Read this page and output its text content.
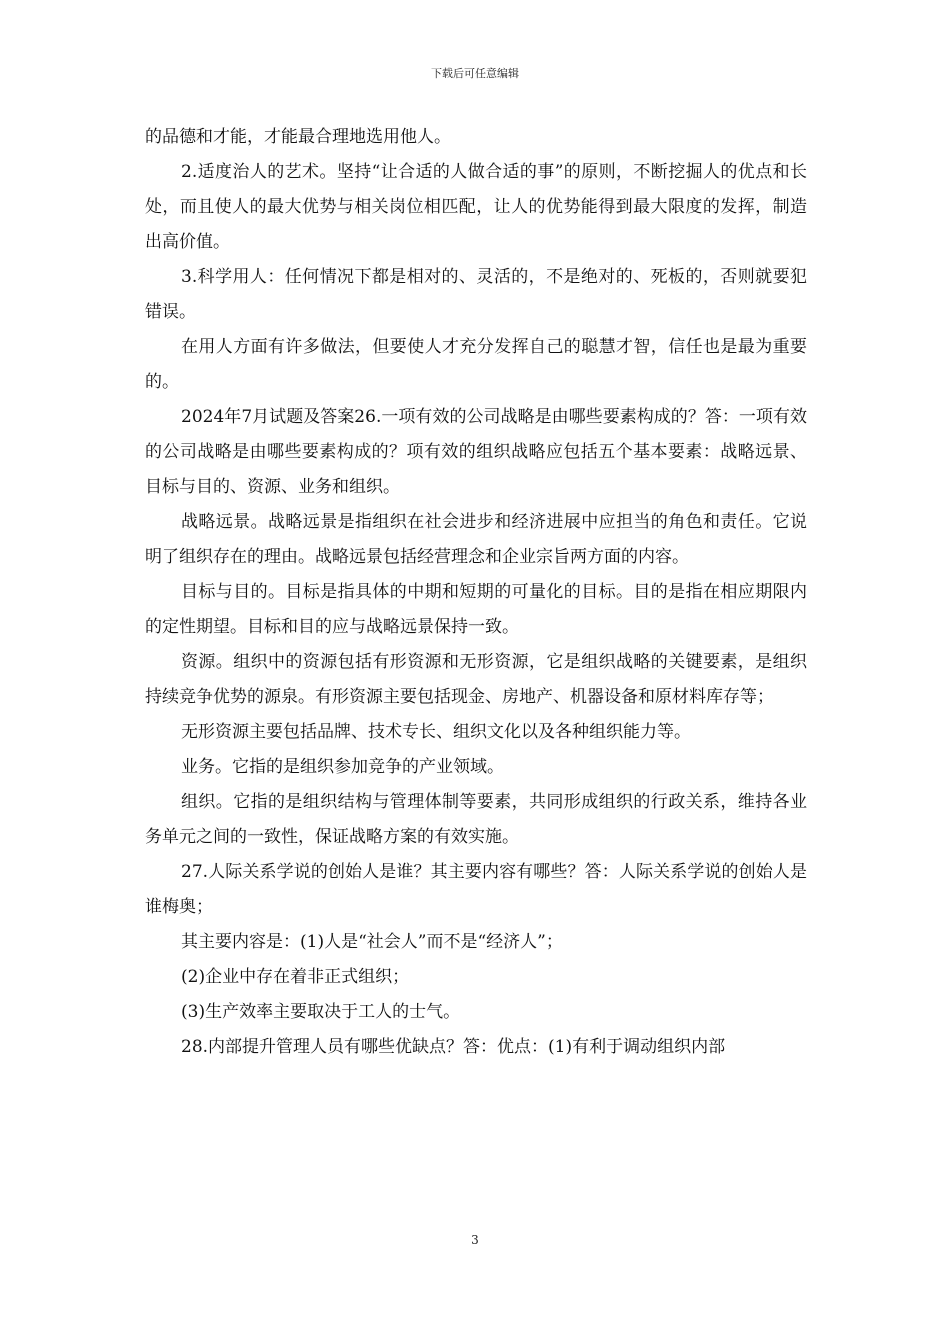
下载后可任意编辑

的品德和才能，才能最合理地选用他人。

2.适度治人的艺术。坚持“让合适的人做合适的事”的原则，不断挖掘人的优点和长处，而且使人的最大优势与相关岗位相匹配，让人的优势能得到最大限度的发挥，制造出高价值。

3.科学用人：任何情况下都是相对的、灵活的，不是绝对的、死板的，否则就要犯错误。

在用人方面有许多做法，但要使人才充分发挥自己的聪慧才智，信任也是最为重要的。

2024年7月试题及答案26.一项有效的公司战略是由哪些要素构成的？答：一项有效的公司战略是由哪些要素构成的？项有效的组织战略应包括五个基本要素：战略远景、目标与目的、资源、业务和组织。

战略远景。战略远景是指组织在社会进步和经济进展中应担当的角色和责任。它说明了组织存在的理由。战略远景包括经营理念和企业宗旨两方面的内容。

目标与目的。目标是指具体的中期和短期的可量化的目标。目的是指在相应期限内的定性期望。目标和目的应与战略远景保持一致。

资源。组织中的资源包括有形资源和无形资源，它是组织战略的关键要素，是组织持续竞争优势的源泉。有形资源主要包括现金、房地产、机器设备和原材料库存等；

无形资源主要包括品牌、技术专长、组织文化以及各种组织能力等。

业务。它指的是组织参加竞争的产业领域。

组织。它指的是组织结构与管理体制等要素，共同形成组织的行政关系，维持各业务单元之间的一致性，保证战略方案的有效实施。

27.人际关系学说的创始人是谁？其主要内容有哪些？答：人际关系学说的创始人是谁梅奥；

其主要内容是：(1)人是“社会人”而不是“经济人”；

(2)企业中存在着非正式组织；

(3)生产效率主要取决于工人的士气。

28.内部提升管理人员有哪些优缺点？答：优点：(1)有利于调动组织内部

3
